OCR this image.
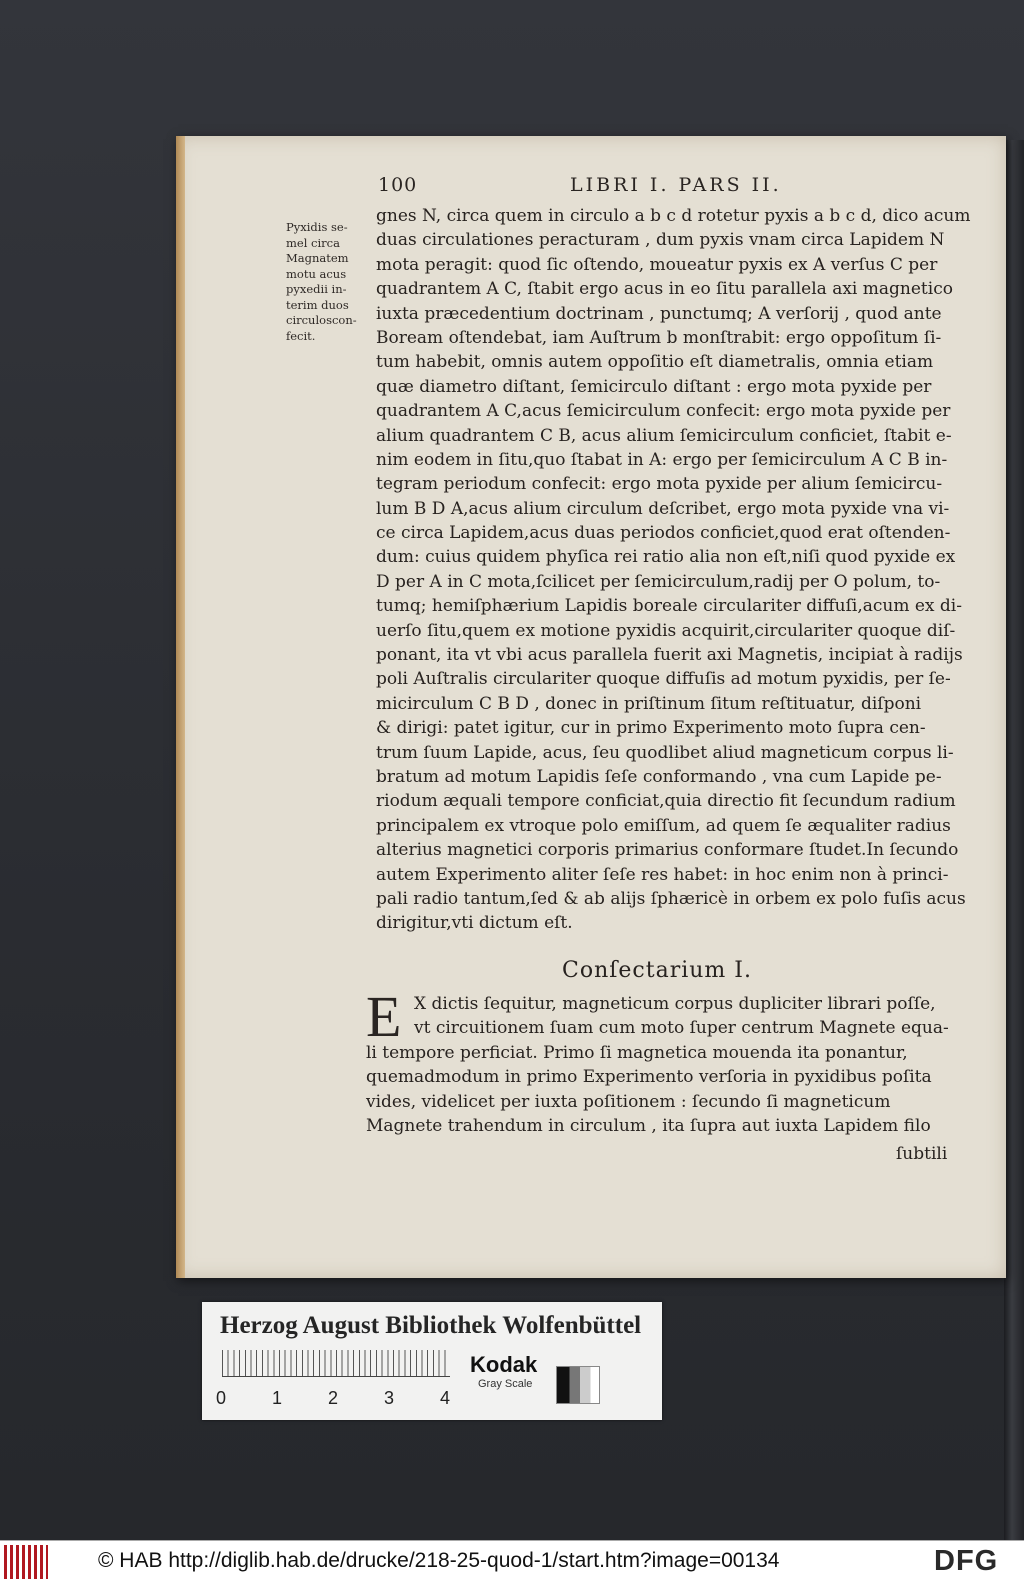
100	LIBRI I. PARS II.
Pyxidis se-
mel circa
Magnatem
motu acus
pyxedii in-
terim duos
circuloscon-
fecit.
gnes N, circa quem in circulo a b c d rotetur pyxis a b c d, dico acum
duas circulationes peracturam , dum pyxis vnam circa Lapidem N
mota peragit: quod ſic oſtendo, moueatur pyxis ex A verſus C per
quadrantem A C, ſtabit ergo acus in eo ſitu parallela axi magnetico
iuxta præcedentium doctrinam , punctumq; A verſorij , quod ante
Boream oſtendebat, iam Auſtrum b monſtrabit: ergo oppoſitum ſi-
tum habebit, omnis autem oppoſitio eſt diametralis, omnia etiam
quæ diametro diſtant, ſemicirculo diſtant : ergo mota pyxide per
quadrantem A C,acus ſemicirculum confecit: ergo mota pyxide per
alium quadrantem C B, acus alium ſemicirculum conficiet, ſtabit e-
nim eodem in ſitu,quo ſtabat in A: ergo per ſemicirculum A C B in-
tegram periodum confecit: ergo mota pyxide per alium ſemicircu-
lum B D A,acus alium circulum deſcribet, ergo mota pyxide vna vi-
ce circa Lapidem,acus duas periodos conficiet,quod erat oſtenden-
dum: cuius quidem phyſica rei ratio alia non eſt,niſi quod pyxide ex
D per A in C mota,ſcilicet per ſemicirculum,radij per O polum, to-
tumq; hemiſphærium Lapidis boreale circulariter diffuſi,acum ex di-
uerſo ſitu,quem ex motione pyxidis acquirit,circulariter quoque diſ-
ponant, ita vt vbi acus parallela fuerit axi Magnetis, incipiat à radijs
poli Auſtralis circulariter quoque diffuſis ad motum pyxidis, per ſe-
micirculum C B D , donec in priſtinum ſitum reſtituatur, diſponi
& dirigi: patet igitur, cur in primo Experimento moto ſupra cen-
trum ſuum Lapide, acus, ſeu quodlibet aliud magneticum corpus li-
bratum ad motum Lapidis ſeſe conformando , vna cum Lapide pe-
riodum æquali tempore conficiat,quia directio fit ſecundum radium
principalem ex vtroque polo emiſſum, ad quem ſe æqualiter radius
alterius magnetici corporis primarius conformare ſtudet.In ſecundo
autem Experimento aliter ſeſe res habet: in hoc enim non à princi-
pali radio tantum,ſed & ab alijs ſphæricè in orbem ex polo fuſis acus
dirigitur,vti dictum eſt.
Conſectarium I.
E X dictis ſequitur, magneticum corpus dupliciter librari poſſe,
vt circuitionem ſuam cum moto ſuper centrum Magnete equa-
li tempore perficiat. Primo ſi magnetica mouenda ita ponantur,
quemadmodum in primo Experimento verſoria in pyxidibus poſita
vides, videlicet per iuxta poſitionem : ſecundo ſi magneticum
Magnete trahendum in circulum , ita ſupra aut iuxta Lapidem filo
ſubtili
Herzog August Bibliothek Wolfenbüttel
0	1	2	3	4
Kodak
Gray Scale
© HAB http://diglib.hab.de/drucke/218-25-quod-1/start.htm?image=00134	DFG
